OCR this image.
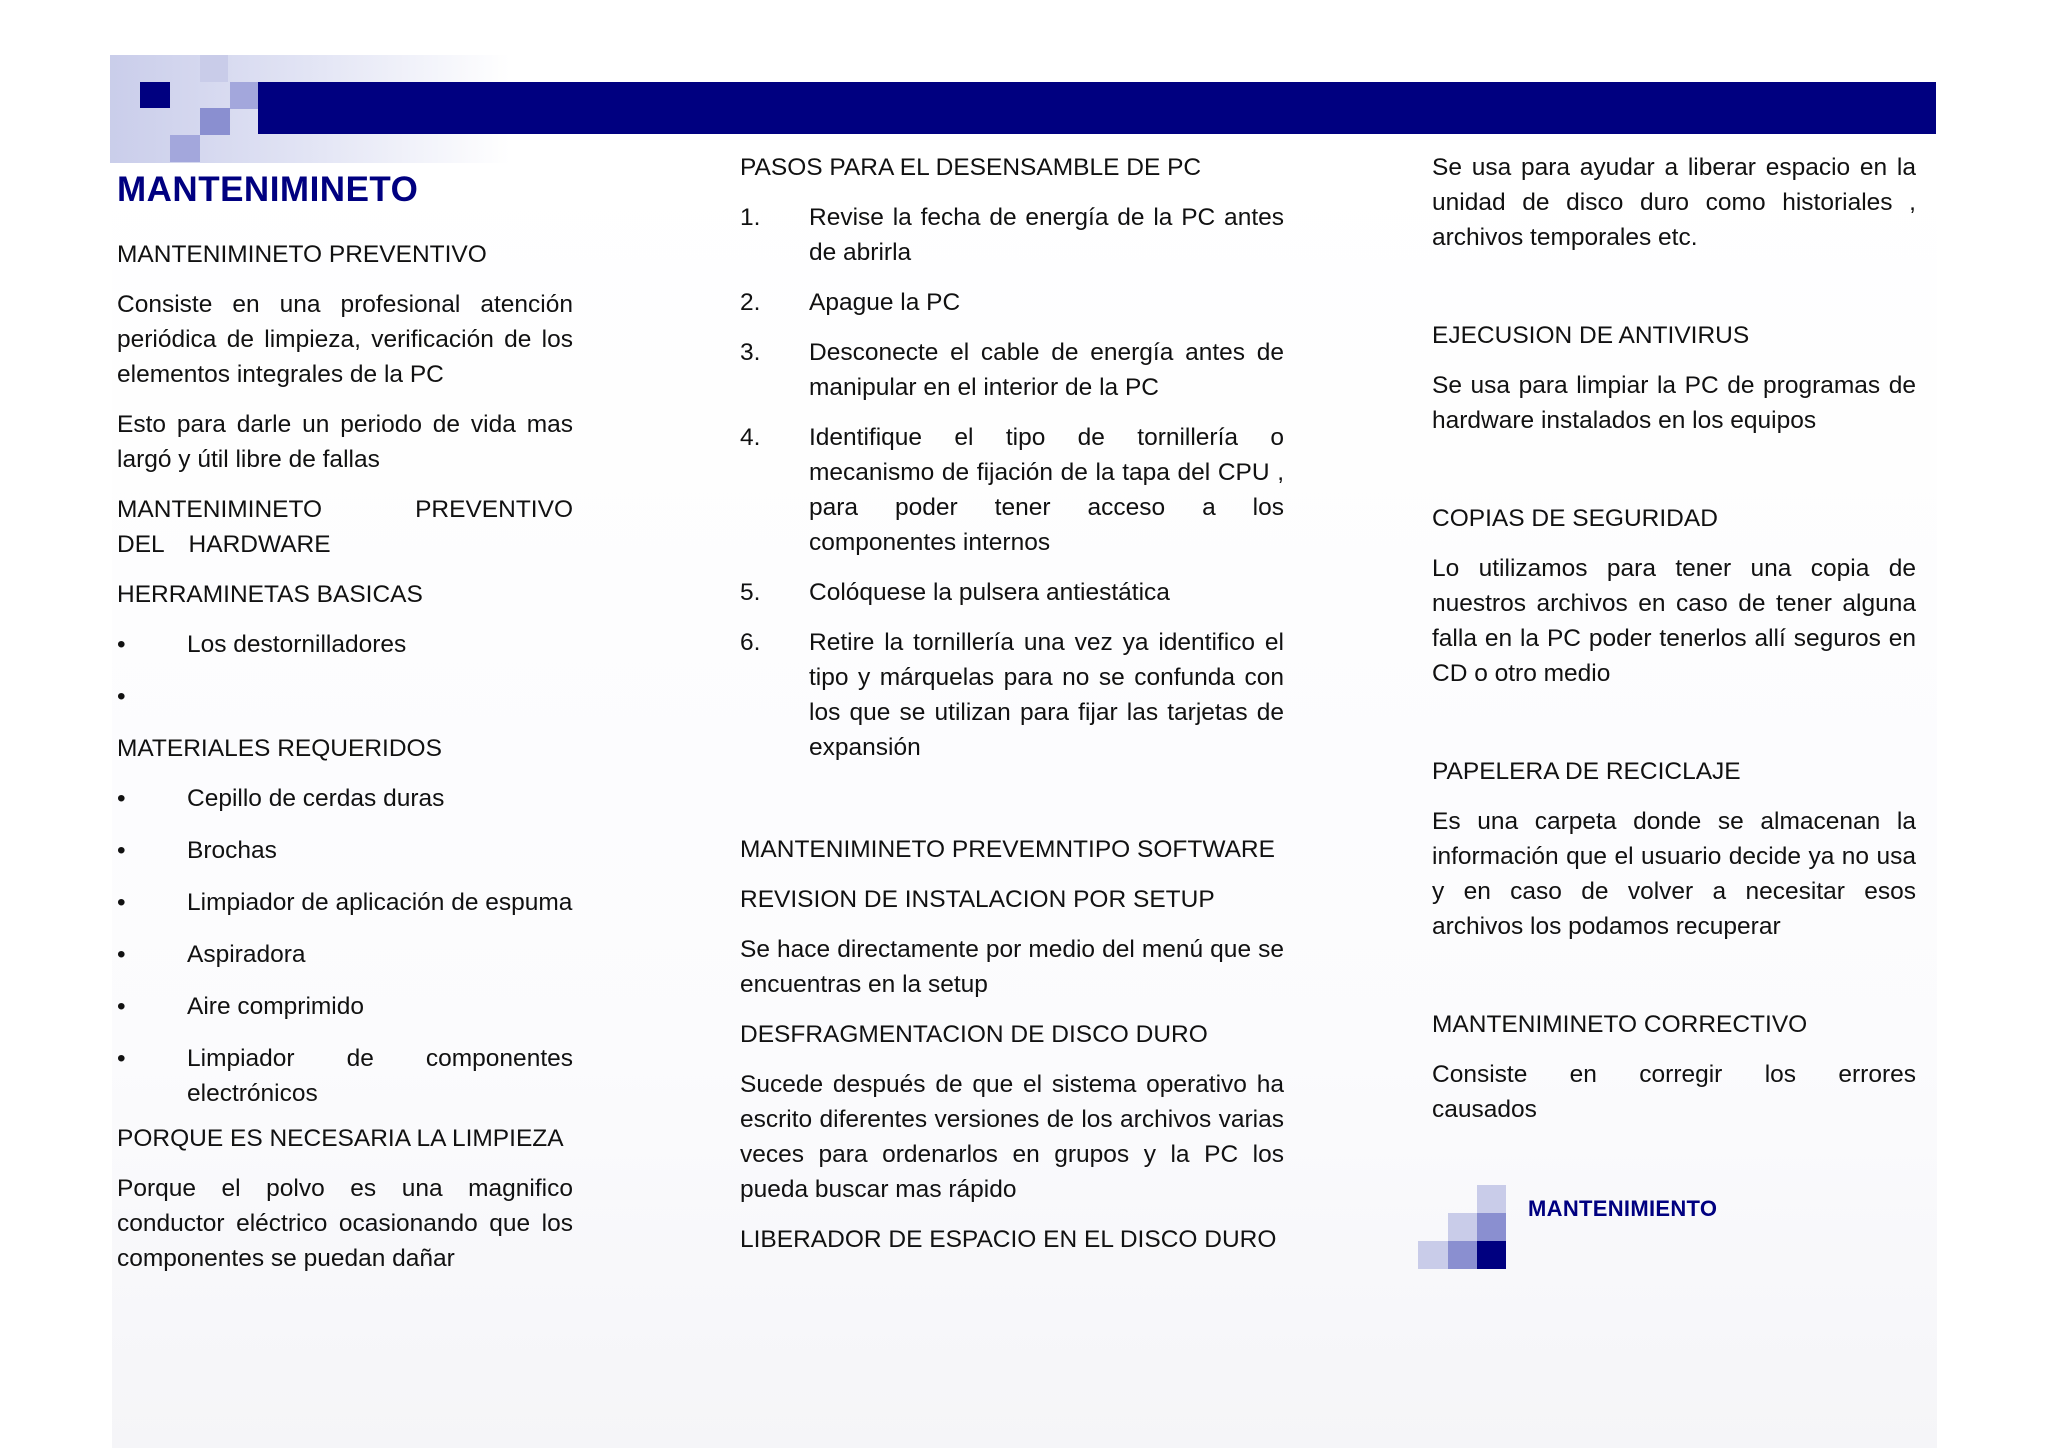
MANTENIMINETO
MANTENIMINETO PREVENTIVO

Consiste en una profesional atención periódica de limpieza, verificación de los elementos integrales de la PC

Esto para darle un periodo de vida mas largó y útil libre de fallas

MANTENIMINETO PREVENTIVO DEL HARDWARE

HERRAMINETAS BASICAS
•	Los destornilladores
•
MATERIALES REQUERIDOS
•	Cepillo de cerdas duras
•	Brochas
•	Limpiador de aplicación de espuma
•	Aspiradora
•	Aire comprimido
•	Limpiador de componentes electrónicos
PORQUE ES NECESARIA LA LIMPIEZA

Porque el polvo es una magnifico conductor eléctrico ocasionando que los componentes se puedan dañar

PASOS PARA EL DESENSAMBLE DE PC
1. Revise la fecha de energía de la PC antes de abrirla
2. Apague la PC
3. Desconecte el cable de energía antes de manipular en el interior de la PC
4. Identifique el tipo de tornillería o mecanismo de fijación de la tapa del CPU , para poder tener acceso a los componentes internos
5. Colóquese la pulsera antiestática
6. Retire la tornillería una vez ya identifico el tipo y márquelas para no se confunda con los que se utilizan para fijar las tarjetas de expansión
MANTENIMINETO PREVEMNTIPO SOFTWARE
REVISION DE INSTALACION POR SETUP

Se hace directamente por medio del menú que se encuentras en la setup

DESFRAGMENTACION DE DISCO DURO

Sucede después de que el sistema operativo ha escrito diferentes versiones de los archivos varias veces para ordenarlos en grupos y la PC los pueda buscar mas rápido

LIBERADOR DE ESPACIO EN EL DISCO DURO

Se usa para ayudar a liberar espacio en la unidad de disco duro como historiales , archivos temporales etc.

EJECUSION DE ANTIVIRUS

Se usa para limpiar la PC de programas de hardware instalados en los equipos

COPIAS DE SEGURIDAD

Lo utilizamos para tener una copia de nuestros archivos en caso de tener alguna falla en la PC poder tenerlos allí seguros en CD o otro medio

PAPELERA DE RECICLAJE

Es una carpeta donde se almacenan la información que el usuario decide ya no usa y en caso de volver a necesitar esos archivos los podamos recuperar

MANTENIMINETO CORRECTIVO

Consiste en corregir los errores causados

MANTENIMIENTO
